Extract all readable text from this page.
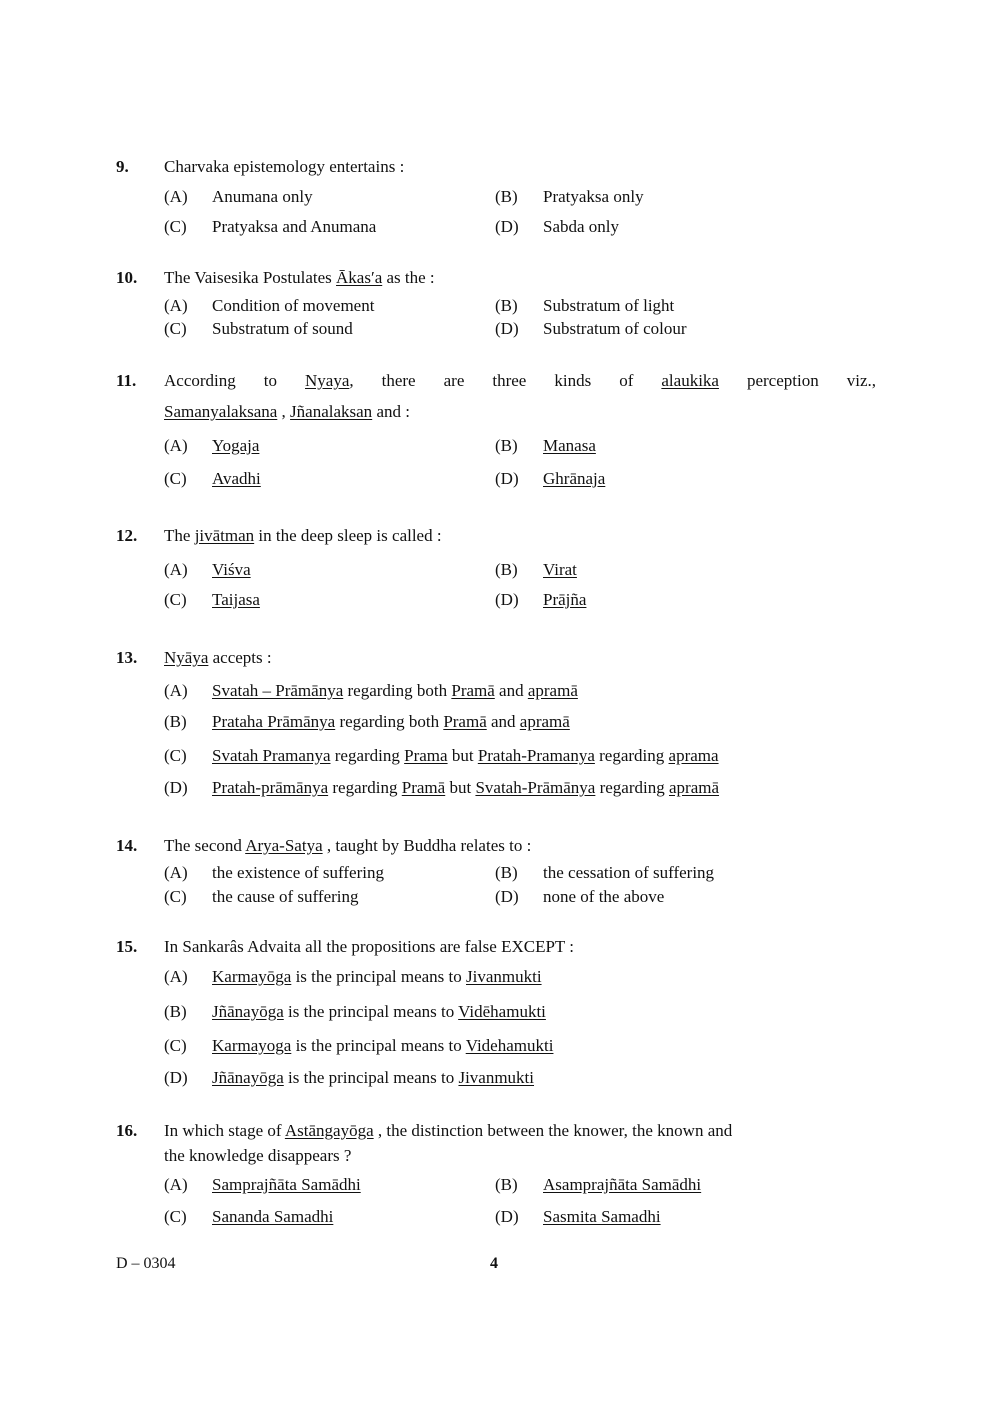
9. Charvaka epistemology entertains :
(A) Anumana only	(B) Pratyaksa only
(C) Pratyaksa and Anumana	(D) Sabda only
10. The Vaisesika Postulates Ākas′a as the :
(A) Condition of movement	(B) Substratum of light
(C) Substratum of sound	(D) Substratum of colour
11. According to Nyaya, there are three kinds of alaukika perception viz.,
Samanyalaksana , Jñanalaksan and :
(A) Yogaja	(B) Manasa
(C) Avadhi	(D) Ghrānaja
12. The jivātman in the deep sleep is called :
(A) Viśva	(B) Virat
(C) Taijasa	(D) Prājña
13. Nyāya accepts :
(A) Svatah – Prāmānya regarding both Pramā and apramā
(B) Prataha Prāmānya regarding both Pramā and apramā
(C) Svatah Pramanya regarding Prama but Pratah-Pramanya regarding aprama
(D) Pratah-prāmānya regarding Pramā but Svatah-Prāmānya regarding apramā
14. The second Arya-Satya , taught by Buddha relates to :
(A) the existence of suffering	(B) the cessation of suffering
(C) the cause of suffering	(D) none of the above
15. In Sankarâs Advaita all the propositions are false EXCEPT :
(A) Karmayōga is the principal means to Jivanmukti
(B) Jñānayōga is the principal means to Vidēhamukti
(C) Karmayoga is the principal means to Videhamukti
(D) Jñānayōga is the principal means to Jivanmukti
16. In which stage of Astāngayōga , the distinction between the knower, the known and
the knowledge disappears ?
(A) Samprajñāta Samādhi	(B) Asamprajñāta Samādhi
(C) Sananda Samadhi	(D) Sasmita Samadhi
D – 0304	4
